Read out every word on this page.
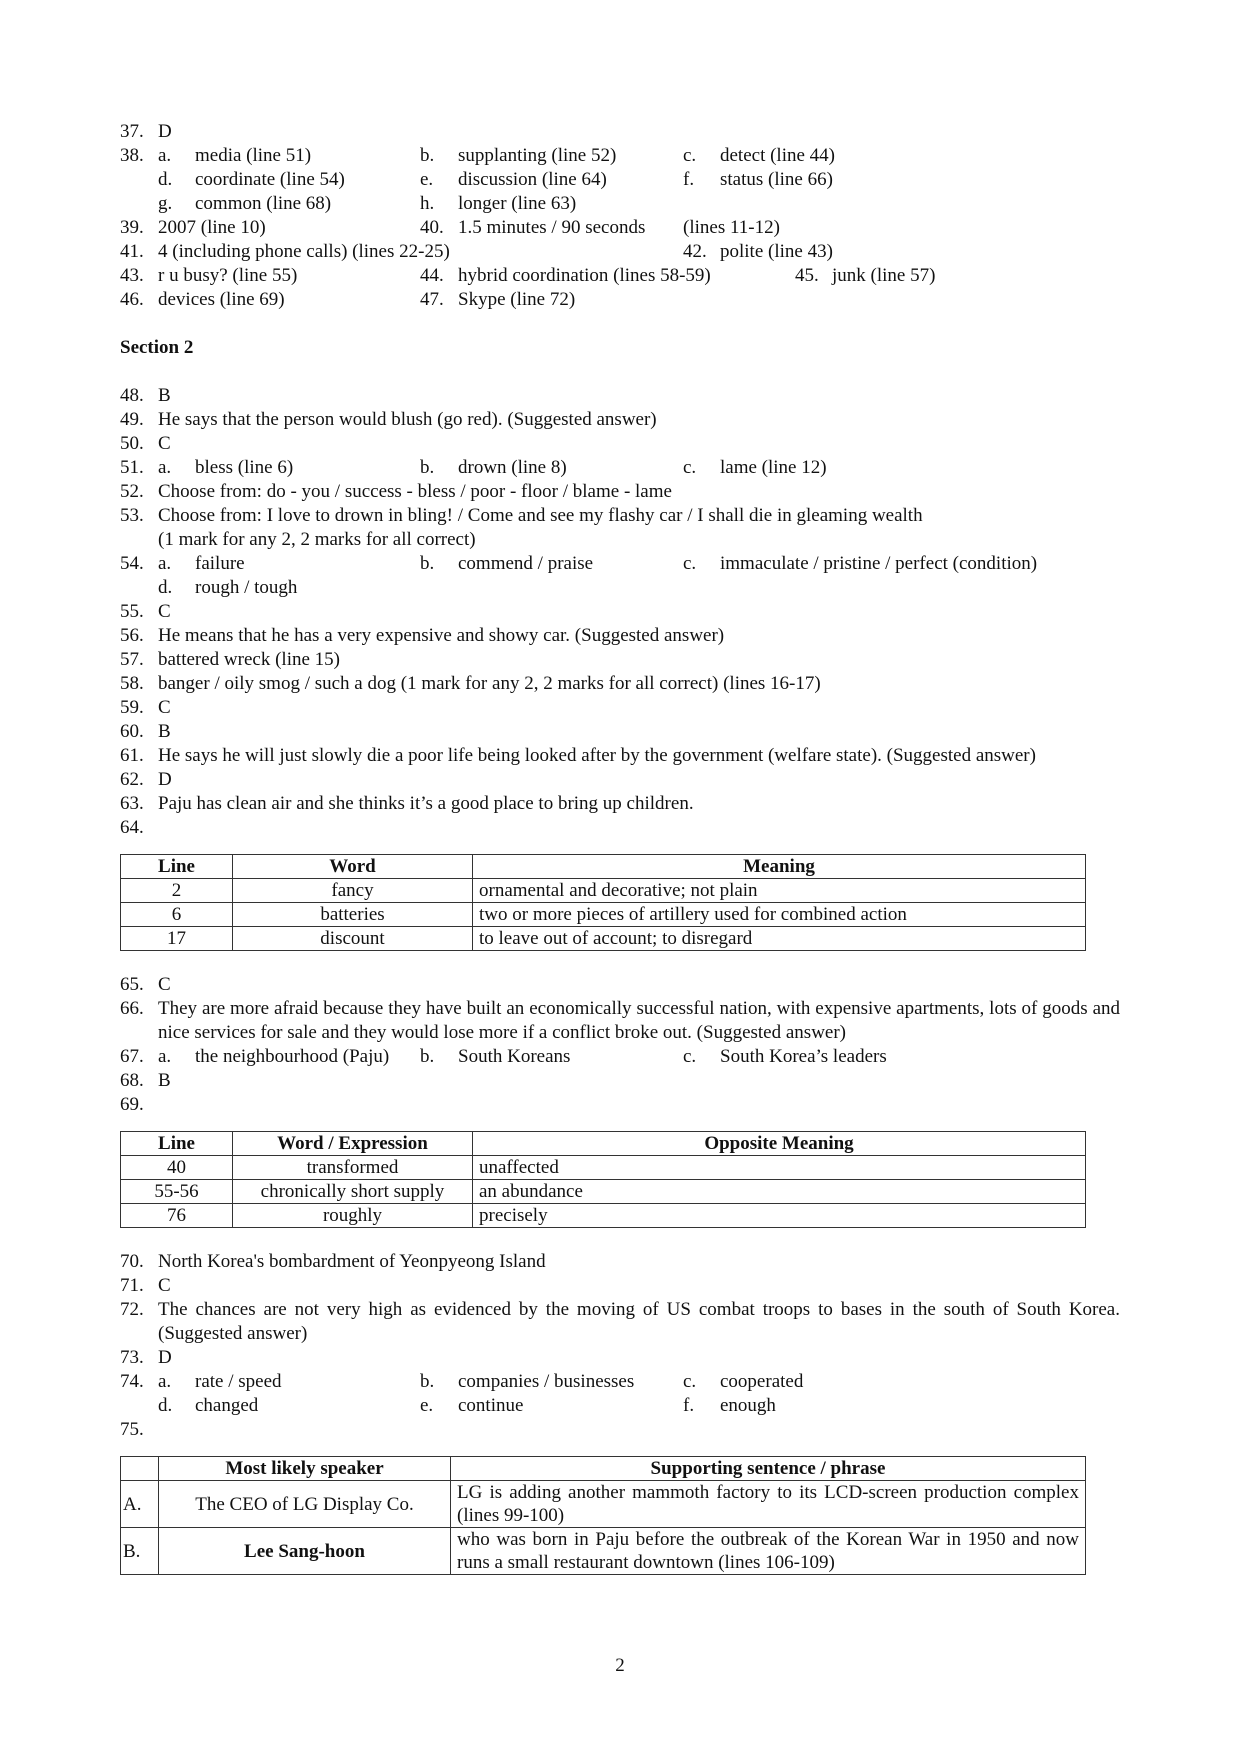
37. D
38. a. media (line 51)	b. supplanting (line 52)	c. detect (line 44)
d. coordinate (line 54)	e. discussion (line 64)	f. status (line 66)
g. common (line 68)	h. longer (line 63)
39. 2007 (line 10)	40. 1.5 minutes / 90 seconds (lines 11-12)
41. 4 (including phone calls) (lines 22-25)	42. polite (line 43)
43. r u busy? (line 55)	44. hybrid coordination (lines 58-59)	45. junk (line 57)
46. devices (line 69)	47. Skype (line 72)
Section 2
48. B
49. He says that the person would blush (go red). (Suggested answer)
50. C
51. a. bless (line 6)	b. drown (line 8)	c. lame (line 12)
52. Choose from: do - you / success - bless / poor - floor / blame - lame
53. Choose from: I love to drown in bling! / Come and see my flashy car / I shall die in gleaming wealth
(1 mark for any 2, 2 marks for all correct)
54. a. failure	b. commend / praise	c. immaculate / pristine / perfect (condition)
d. rough / tough
55. C
56. He means that he has a very expensive and showy car. (Suggested answer)
57. battered wreck (line 15)
58. banger / oily smog / such a dog (1 mark for any 2, 2 marks for all correct) (lines 16-17)
59. C
60. B
61. He says he will just slowly die a poor life being looked after by the government (welfare state). (Suggested answer)
62. D
63. Paju has clean air and she thinks it’s a good place to bring up children.
64.
Line	Word	Meaning
2	fancy	ornamental and decorative; not plain
6	batteries	two or more pieces of artillery used for combined action
17	discount	to leave out of account; to disregard
65. C
66. They are more afraid because they have built an economically successful nation, with expensive apartments, lots of goods and nice services for sale and they would lose more if a conflict broke out. (Suggested answer)
67. a. the neighbourhood (Paju) b. South Koreans	c. South Korea’s leaders
68. B
69.
Line	Word / Expression	Opposite Meaning
40	transformed	unaffected
55-56	chronically short supply	an abundance
76	roughly	precisely
70. North Korea's bombardment of Yeonpyeong Island
71. C
72. The chances are not very high as evidenced by the moving of US combat troops to bases in the south of South Korea. (Suggested answer)
73. D
74. a. rate / speed	b. companies / businesses	c. cooperated
d. changed	e. continue	f. enough
75.
	Most likely speaker	Supporting sentence / phrase
A.	The CEO of LG Display Co.	LG is adding another mammoth factory to its LCD-screen production complex (lines 99-100)
B.	Lee Sang-hoon	who was born in Paju before the outbreak of the Korean War in 1950 and now runs a small restaurant downtown (lines 106-109)
2
